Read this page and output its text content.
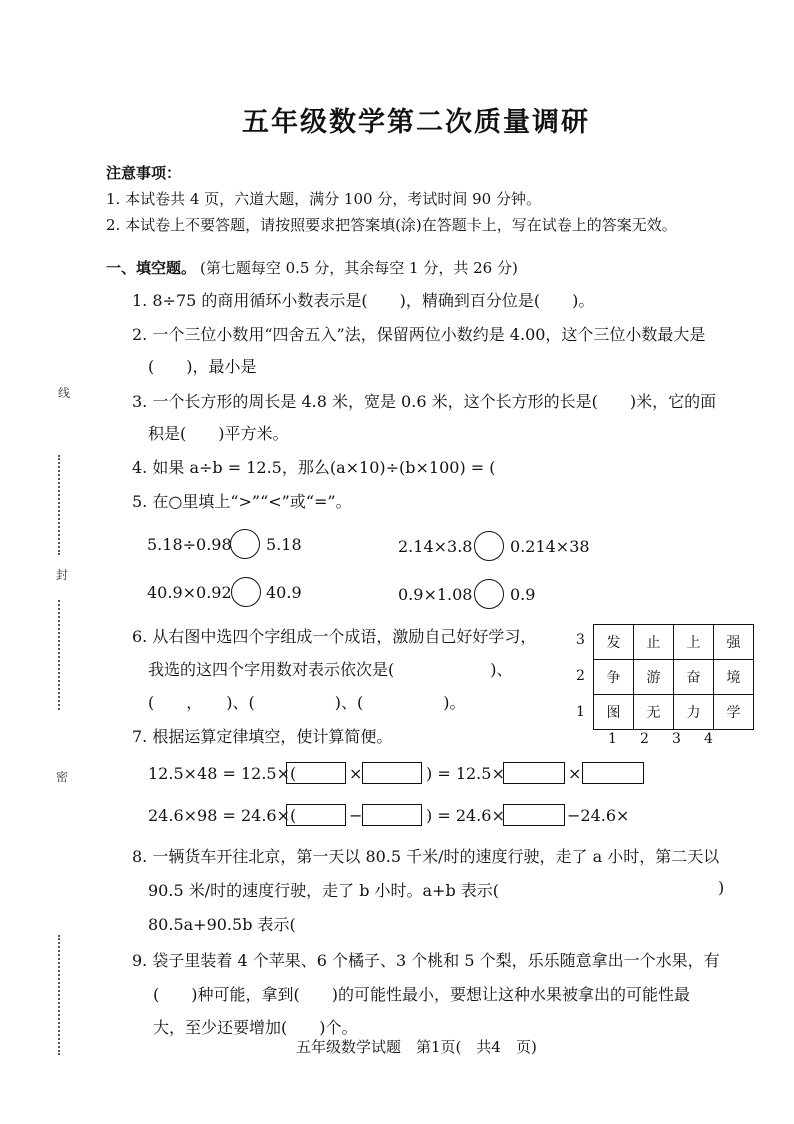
五年级数学第二次质量调研
注意事项：
1. 本试卷共 4 页，六道大题，满分 100 分，考试时间 90 分钟。
2. 本试卷上不要答题，请按照要求把答案填(涂)在答题卡上，写在试卷上的答案无效。
一、填空题。 (第七题每空 0.5 分，其余每空 1 分，共 26 分)
1. 8÷75 的商用循环小数表示是(　　)，精确到百分位是(　　)。
2. 一个三位小数用“四舍五入”法，保留两位小数约是 4.00，这个三位小数最大是
(　　)，最小是
3. 一个长方形的周长是 4.8 米，宽是 0.6 米，这个长方形的长是(　　)米，它的面
积是(　　)平方米。
4. 如果 a÷b = 12.5，那么(a×10)÷(b×100) = (
5. 在○里填上“>”“<”或“=”。
5.18÷0.98 5.18	2.14×3.8 0.214×38
40.9×0.92 40.9	0.9×1.08 0.9
6. 从右图中选四个字组成一个成语，激励自己好好学习，
我选的这四个字用数对表示依次是(　　　　　　)、
(　　，　　)、(　　　　　)、(　　　　　)。
3
2
1
发	止	上	强
争	游	奋	境
图	无	力	学
1 2 3 4
7. 根据运算定律填空，使计算简便。
12.5×48 = 12.5×(	×	) = 12.5×	×
24.6×98 = 24.6×(	−	) = 24.6×	−24.6×
8. 一辆货车开往北京，第一天以 80.5 千米/时的速度行驶，走了 a 小时，第二天以
90.5 米/时的速度行驶，走了 b 小时。a+b 表示(	)
80.5a+90.5b 表示(
9. 袋子里装着 4 个苹果、6 个橘子、3 个桃和 5 个梨，乐乐随意拿出一个水果，有
(　　)种可能，拿到(　　)的可能性最小，要想让这种水果被拿出的可能性最
大，至少还要增加(　　)个。
五年级数学试题　第1页(　共4　页)
线
封
密
